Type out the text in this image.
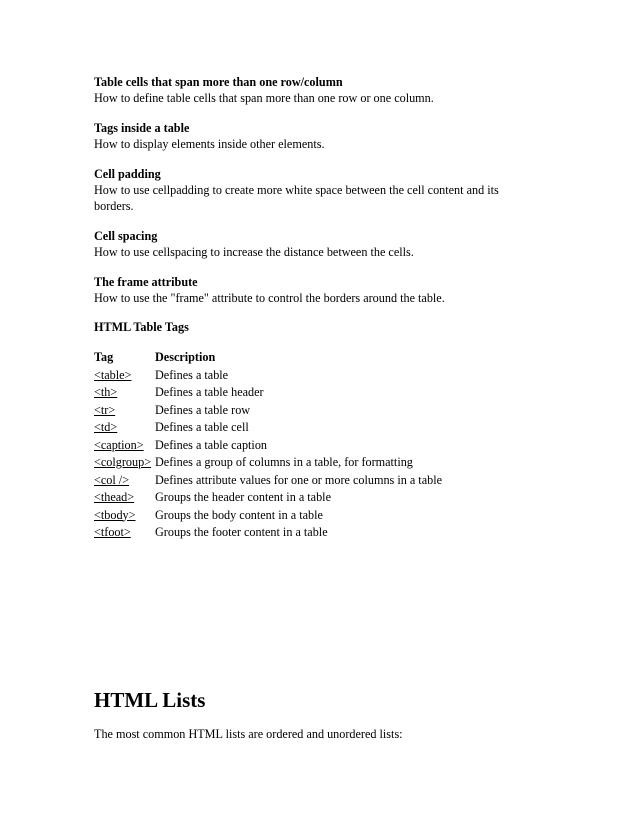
Table cells that span more than one row/column
How to define table cells that span more than one row or one column.
Tags inside a table
How to display elements inside other elements.
Cell padding
How to use cellpadding to create more white space between the cell content and its borders.
Cell spacing
How to use cellspacing to increase the distance between the cells.
The frame attribute
How to use the "frame" attribute to control the borders around the table.
HTML Table Tags
Tag	Description
<table>	Defines a table
<th>	Defines a table header
<tr>	Defines a table row
<td>	Defines a table cell
<caption>	Defines a table caption
<colgroup>	Defines a group of columns in a table, for formatting
<col />	Defines attribute values for one or more columns in a table
<thead>	Groups the header content in a table
<tbody>	Groups the body content in a table
<tfoot>	Groups the footer content in a table
HTML Lists
The most common HTML lists are ordered and unordered lists:
